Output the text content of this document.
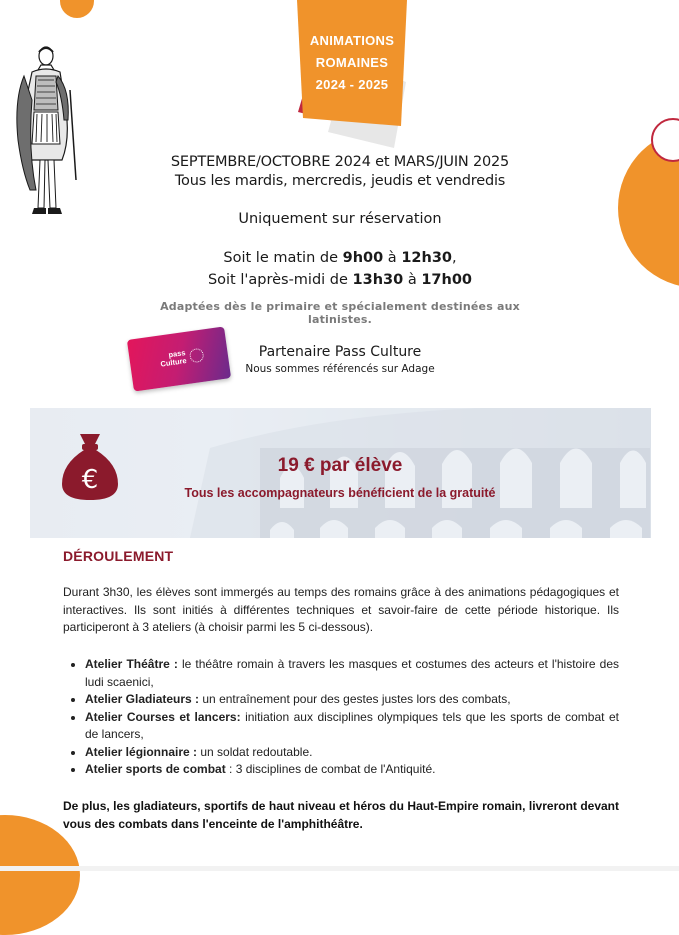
ANIMATIONS
ROMAINES
2024 - 2025
SEPTEMBRE/OCTOBRE 2024 et MARS/JUIN 2025
Tous les mardis, mercredis, jeudis et vendredis
Uniquement sur réservation
Soit le matin de 9h00 à 12h30,
Soit l'après-midi de 13h30 à 17h00
Adaptées dès le primaire et spécialement destinées aux latinistes.
pass
Culture
Partenaire Pass Culture
Nous sommes référencés sur Adage
€	19 € par élève
Tous les accompagnateurs bénéficient de la gratuité
DÉROULEMENT
Durant 3h30, les élèves sont immergés au temps des romains grâce à des animations pédagogiques et interactives. Ils sont initiés à différentes techniques et savoir-faire de cette période historique. Ils participeront à 3 ateliers (à choisir parmi les 5 ci-dessous).
• Atelier Théâtre : le théâtre romain à travers les masques et costumes des acteurs et l'histoire des ludi scaenici,
• Atelier Gladiateurs : un entraînement pour des gestes justes lors des combats,
• Atelier Courses et lancers: initiation aux disciplines olympiques tels que les sports de combat et de lancers,
• Atelier légionnaire : un soldat redoutable.
• Atelier sports de combat : 3 disciplines de combat de l'Antiquité.
De plus, les gladiateurs, sportifs de haut niveau et héros du Haut-Empire romain, livreront devant vous des combats dans l'enceinte de l'amphithéâtre.
